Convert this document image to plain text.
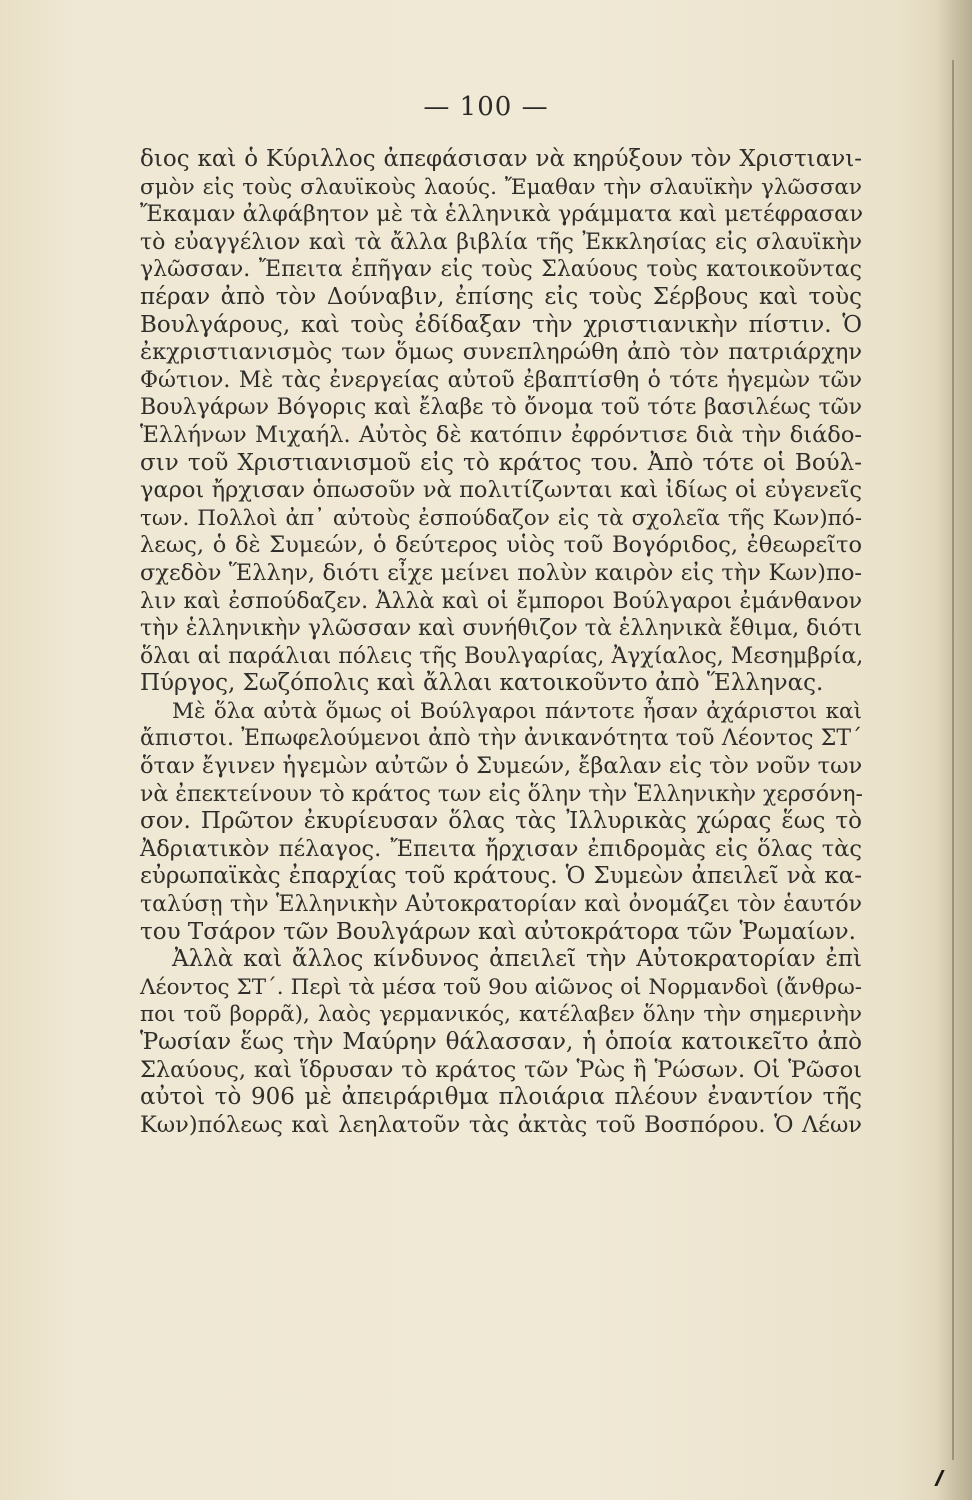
— 100 —
διος καὶ ὁ Κύριλλος ἀπεφάσισαν νὰ κηρύξουν τὸν Χριστιανι-
σμὸν εἰς τοὺς σλαυϊκοὺς λαούς. Ἔμαθαν τὴν σλαυϊκὴν γλῶσσαν
Ἔκαμαν ἀλφάβητον μὲ τὰ ἑλληνικὰ γράμματα καὶ μετέφρασαν
τὸ εὐαγγέλιον καὶ τὰ ἄλλα βιβλία τῆς Ἐκκλησίας εἰς σλαυϊκὴν
γλῶσσαν. Ἔπειτα ἐπῆγαν εἰς τοὺς Σλαύους τοὺς κατοικοῦντας
πέραν ἀπὸ τὸν Δούναβιν, ἐπίσης εἰς τοὺς Σέρβους καὶ τοὺς
Βουλγάρους, καὶ τοὺς ἐδίδαξαν τὴν χριστιανικὴν πίστιν. Ὁ
ἐκχριστιανισμὸς των ὅμως συνεπληρώθη ἀπὸ τὸν πατριάρχην
Φώτιον. Μὲ τὰς ἐνεργείας αὐτοῦ ἐβαπτίσθη ὁ τότε ἡγεμὼν τῶν
Βουλγάρων Βόγορις καὶ ἔλαβε τὸ ὄνομα τοῦ τότε βασιλέως τῶν
Ἑλλήνων Μιχαήλ. Αὐτὸς δὲ κατόπιν ἐφρόντισε διὰ τὴν διάδο-
σιν τοῦ Χριστιανισμοῦ εἰς τὸ κράτος του. Ἀπὸ τότε οἱ Βούλ-
γαροι ἤρχισαν ὁπωσοῦν νὰ πολιτίζωνται καὶ ἰδίως οἱ εὐγενεῖς
των. Πολλοὶ ἀπ᾿ αὐτοὺς ἐσπούδαζον εἰς τὰ σχολεῖα τῆς Κων)πό-
λεως, ὁ δὲ Συμεών, ὁ δεύτερος υἱὸς τοῦ Βογόριδος, ἐθεωρεῖτο
σχεδὸν Ἕλλην, διότι εἶχε μείνει πολὺν καιρὸν εἰς τὴν Κων)πο-
λιν καὶ ἐσπούδαζεν. Ἀλλὰ καὶ οἱ ἔμποροι Βούλγαροι ἐμάνθανον
τὴν ἑλληνικὴν γλῶσσαν καὶ συνήθιζον τὰ ἑλληνικὰ ἔθιμα, διότι
ὅλαι αἱ παράλιαι πόλεις τῆς Βουλγαρίας, Ἀγχίαλος, Μεσημβρία,
Πύργος, Σωζόπολις καὶ ἄλλαι κατοικοῦντο ἀπὸ Ἕλληνας.
Μὲ ὅλα αὐτὰ ὅμως οἱ Βούλγαροι πάντοτε ἦσαν ἀχάριστοι καὶ
ἄπιστοι. Ἐπωφελούμενοι ἀπὸ τὴν ἀνικανότητα τοῦ Λέοντος ΣΤ΄
ὅταν ἔγινεν ἡγεμὼν αὐτῶν ὁ Συμεών, ἔβαλαν εἰς τὸν νοῦν των
νὰ ἐπεκτείνουν τὸ κράτος των εἰς ὅλην τὴν Ἑλληνικὴν χερσόνη-
σον. Πρῶτον ἐκυρίευσαν ὅλας τὰς Ἰλλυρικὰς χώρας ἕως τὸ
Ἀδριατικὸν πέλαγος. Ἔπειτα ἤρχισαν ἐπιδρομὰς εἰς ὅλας τὰς
εὐρωπαϊκὰς ἐπαρχίας τοῦ κράτους. Ὁ Συμεὼν ἀπειλεῖ νὰ κα-
ταλύσῃ τὴν Ἑλληνικὴν Αὐτοκρατορίαν καὶ ὀνομάζει τὸν ἑαυτόν
του Τσάρον τῶν Βουλγάρων καὶ αὐτοκράτορα τῶν Ῥωμαίων.
Ἀλλὰ καὶ ἄλλος κίνδυνος ἀπειλεῖ τὴν Αὐτοκρατορίαν ἐπὶ
Λέοντος ΣΤ΄. Περὶ τὰ μέσα τοῦ 9ου αἰῶνος οἱ Νορμανδοὶ (ἄνθρω-
ποι τοῦ βορρᾶ), λαὸς γερμανικός, κατέλαβεν ὅλην τὴν σημερινὴν
Ῥωσίαν ἕως τὴν Μαύρην θάλασσαν, ἡ ὁποία κατοικεῖτο ἀπὸ
Σλαύους, καὶ ἵδρυσαν τὸ κράτος τῶν Ῥὼς ἢ Ῥώσων. Οἱ Ῥῶσοι
αὐτοὶ τὸ 906 μὲ ἀπειράριθμα πλοιάρια πλέουν ἐναντίον τῆς
Κων)πόλεως καὶ λεηλατοῦν τὰς ἀκτὰς τοῦ Βοσπόρου. Ὁ Λέων
